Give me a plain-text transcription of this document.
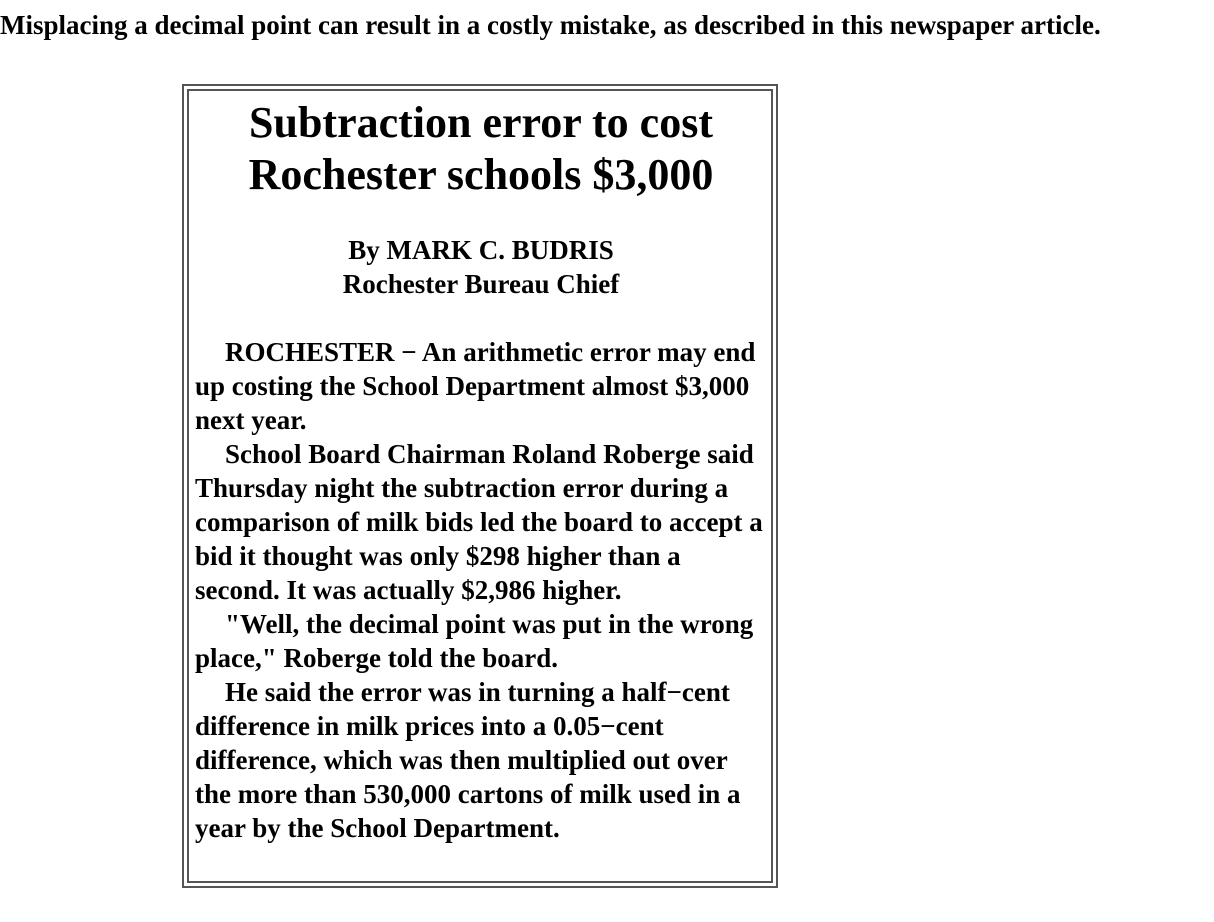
Misplacing a decimal point can result in a costly mistake, as described in this newspaper article.

Subtraction error to cost
Rochester schools $3,000
By MARK C. BUDRIS
Rochester Bureau Chief

ROCHESTER − An arithmetic error may end up costing the School Department almost $3,000 next year.

School Board Chairman Roland Roberge said Thursday night the subtraction error during a comparison of milk bids led the board to accept a bid it thought was only $298 higher than a second. It was actually $2,986 higher.

"Well, the decimal point was put in the wrong place," Roberge told the board.

He said the error was in turning a half−cent difference in milk prices into a 0.05−cent difference, which was then multiplied out over the more than 530,000 cartons of milk used in a year by the School Department.
